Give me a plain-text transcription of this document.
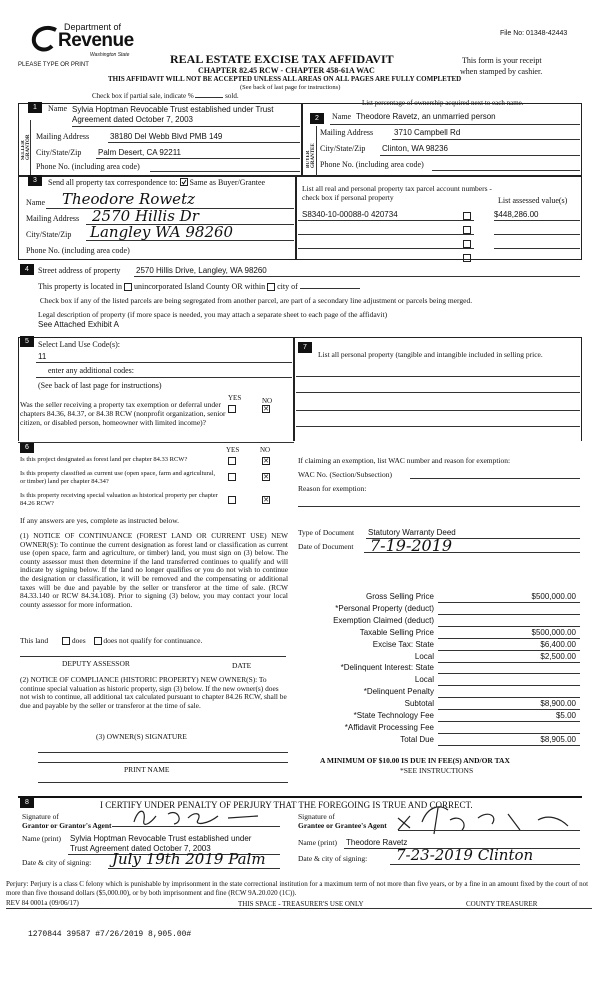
Department of
Revenue
Washington State
PLEASE TYPE OR PRINT
File No: 01348-42443
REAL ESTATE EXCISE TAX AFFIDAVIT
CHAPTER 82.45 RCW - CHAPTER 458-61A WAC
THIS AFFIDAVIT WILL NOT BE ACCEPTED UNLESS ALL AREAS ON ALL PAGES ARE FULLY COMPLETED
(See back of last page for instructions)
This form is your receipt
when stamped by cashier.
Check box if partial sale, indicate %	sold.
List percentage of ownership acquired next to each name.
1
SELLER GRANTOR
Name Sylvia Hoptman Revocable Trust established under Trust
Agreement dated October 7, 2003
Mailing Address	38180 Del Webb Blvd PMB 149
City/State/Zip Palm Desert, CA 92211
Phone No. (including area code)
2
BUYER GRANTEE
Name Theodore Ravetz, an unmarried person
Mailing Address	3710 Campbell Rd
City/State/Zip Clinton, WA 98236
Phone No. (including area code)
3	Send all property tax correspondence to: Same as Buyer/Grantee
Name Theodore Rowetz
Mailing Address 2570 Hillis Dr
City/State/Zip Langley WA 98260
Phone No. (including area code)
List all real and personal property tax parcel account numbers - check box if personal property	List assessed value(s)
S8340-10-00088-0 420734	$448,286.00
4	Street address of property 2570 Hillis Drive, Langley, WA 98260
This property is located in unincorporated Island County OR within city of
Check box if any of the listed parcels are being segregated from another parcel, are part of a secondary line adjustment or parcels being merged.
Legal description of property (if more space is needed, you may attach a separate sheet to each page of the affidavit)
See Attached Exhibit A
5	Select Land Use Code(s):
11
enter any additional codes:
(See back of last page for instructions)
YES	NO
Was the seller receiving a property tax exemption or deferral under chapters 84.36, 84.37, or 84.38 RCW (nonprofit organization, senior citizen, or disabled person, homeowner with limited income)?
✕
6	YES	NO
Is this project designated as forest land per chapter 84.33 RCW?	✕
Is this property classified as current use (open space, farm and agricultural, or timber) land per chapter 84.34?
✕
Is this property receiving special valuation as historical property per chapter 84.26 RCW?	✕
If any answers are yes, complete as instructed below.
(1) NOTICE OF CONTINUANCE (FOREST LAND OR CURRENT USE) NEW OWNER(S): To continue the current designation as forest land or classification as current use (open space, farm and agriculture, or timber) land, you must sign on (3) below. The county assessor must then determine if the land transferred continues to qualify and will indicate by signing below. If the land no longer qualifies or you do not wish to continue the designation or classification, it will be removed and the compensating or additional taxes will be due and payable by the seller or transferor at the time of sale. (RCW 84.33.140 or RCW 84.34.108). Prior to signing (3) below, you may contact your local county assessor for more information.
This land	does does not qualify for continuance.
DEPUTY ASSESSOR	DATE
(2) NOTICE OF COMPLIANCE (HISTORIC PROPERTY) NEW OWNER(S): To continue special valuation as historic property, sign (3) below. If the new owner(s) does not wish to continue, all additional tax calculated pursuant to chapter 84.26 RCW, shall be due and payable by the seller or transferor at the time of sale.
(3) OWNER(S) SIGNATURE
PRINT NAME
7
List all personal property (tangible and intangible included in selling price.
If claiming an exemption, list WAC number and reason for exemption:
WAC No. (Section/Subsection)
Reason for exemption:
Type of Document Statutory Warranty Deed
Date of Document 7-19-2019
Gross Selling Price	$500,000.00
*Personal Property (deduct)
Exemption Claimed (deduct)
Taxable Selling Price	$500,000.00
Excise Tax: State	$6,400.00
Local	$2,500.00
*Delinquent Interest: State
Local
*Delinquent Penalty
Subtotal	$8,900.00
*State Technology Fee	$5.00
*Affidavit Processing Fee
Total Due	$8,905.00
A MINIMUM OF $10.00 IS DUE IN FEE(S) AND/OR TAX
*SEE INSTRUCTIONS
8	I CERTIFY UNDER PENALTY OF PERJURY THAT THE FOREGOING IS TRUE AND CORRECT.
Signature of
Grantor or Grantor's Agent
Signature of
Grantee or Grantee's Agent
Name (print) Sylvia Hoptman Revocable Trust established under
Trust Agreement dated October 7, 2003
Name (print) Theodore Ravetz
Date & city of signing: July 19th 2019 Palm	Date & city of signing: 7-23-2019 Clinton
Perjury: Perjury is a class C felony which is punishable by imprisonment in the state correctional institution for a maximum term of not more than five years, or by a fine in an amount fixed by the court of not more than five thousand dollars ($5,000.00), or by both imprisonment and fine (RCW 9A.20.020 (1C)).
REV 84 0001a (09/06/17)	THIS SPACE - TREASURER'S USE ONLY	COUNTY TREASURER
1270844 39587 #7/26/2019 8,905.00#
